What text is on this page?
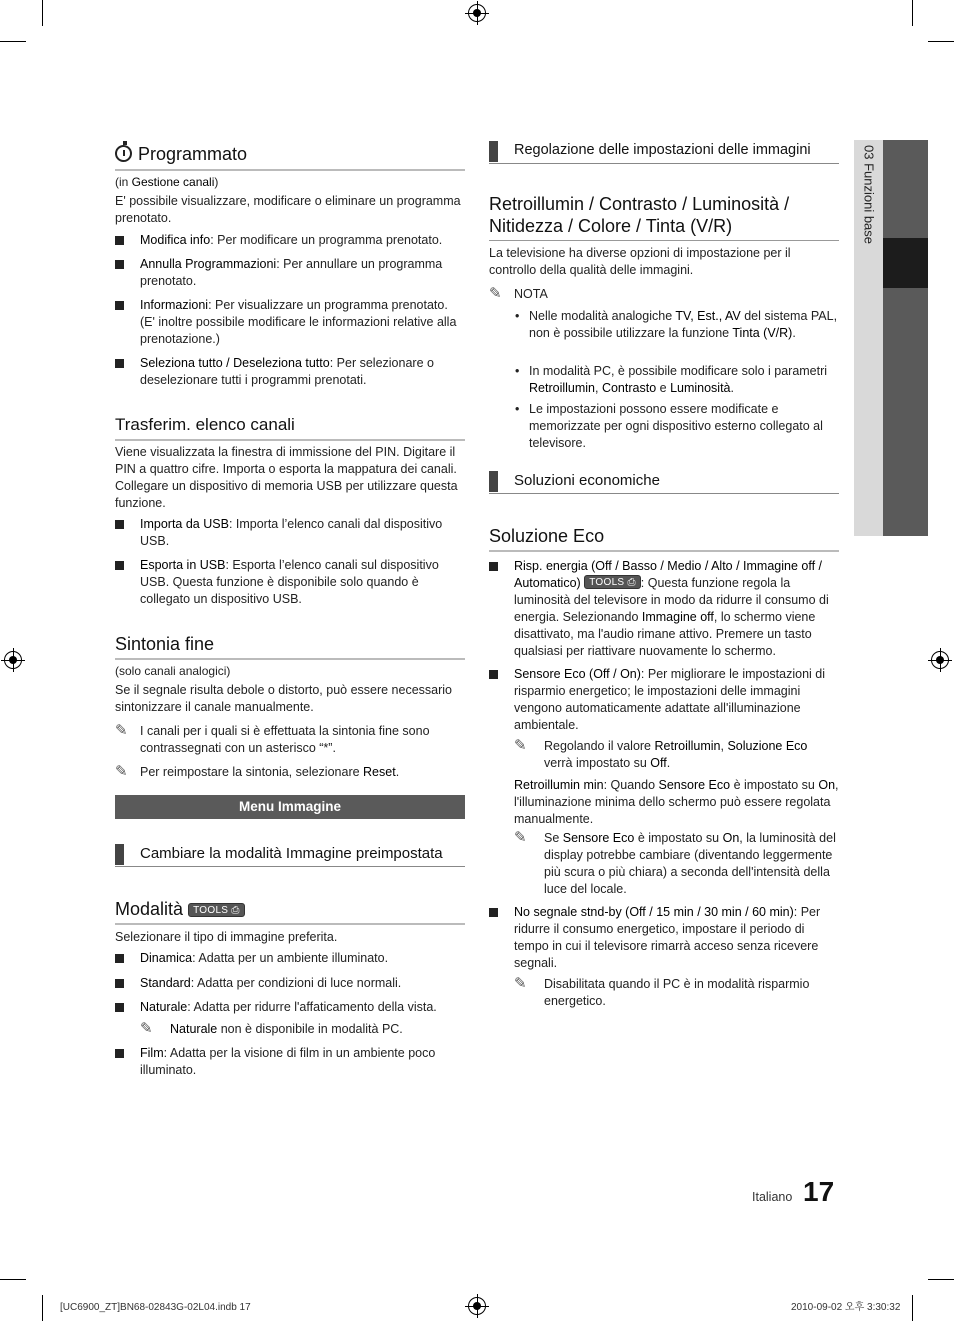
03 Funzioni base
Programmato
(in Gestione canali)
E' possibile visualizzare, modificare o eliminare un programma prenotato.
Modifica info: Per modificare un programma prenotato.
Annulla Programmazioni: Per annullare un programma prenotato.
Informazioni: Per visualizzare un programma prenotato. (E' inoltre possibile modificare le informazioni relative alla prenotazione.)
Seleziona tutto / Deseleziona tutto: Per selezionare o deselezionare tutti i programmi prenotati.
Trasferim. elenco canali
Viene visualizzata la finestra di immissione del PIN. Digitare il PIN a quattro cifre. Importa o esporta la mappatura dei canali. Collegare un dispositivo di memoria USB per utilizzare questa funzione.
Importa da USB: Importa l’elenco canali dal dispositivo USB.
Esporta in USB: Esporta l’elenco canali sul dispositivo USB. Questa funzione è disponibile solo quando è collegato un dispositivo USB.
Sintonia fine
(solo canali analogici)
Se il segnale risulta debole o distorto, può essere necessario sintonizzare il canale manualmente.
✎ I canali per i quali si è effettuata la sintonia fine sono contrassegnati con un asterisco “*”.
✎ Per reimpostare la sintonia, selezionare Reset.
Menu Immagine
Cambiare la modalità Immagine preimpostata
Modalità TOOLS ⎙
Selezionare il tipo di immagine preferita.
Dinamica: Adatta per un ambiente illuminato.
Standard: Adatta per condizioni di luce normali.
Naturale: Adatta per ridurre l'affaticamento della vista.
✎ Naturale non è disponibile in modalità PC.
Film: Adatta per la visione di film in un ambiente poco illuminato.
Regolazione delle impostazioni delle immagini
Retroillumin / Contrasto / Luminosità / Nitidezza / Colore / Tinta (V/R)
La televisione ha diverse opzioni di impostazione per il controllo della qualità delle immagini.
✎ NOTA
• Nelle modalità analogiche TV, Est., AV del sistema PAL, non è possibile utilizzare la funzione Tinta (V/R).
• In modalità PC, è possibile modificare solo i parametri Retroillumin, Contrasto e Luminosità.
• Le impostazioni possono essere modificate e memorizzate per ogni dispositivo esterno collegato al televisore.
Soluzioni economiche
Soluzione Eco
Risp. energia (Off / Basso / Medio / Alto / Immagine off / Automatico) TOOLS ⎙ : Questa funzione regola la luminosità del televisore in modo da ridurre il consumo di energia. Selezionando Immagine off, lo schermo viene disattivato, ma l'audio rimane attivo. Premere un tasto qualsiasi per riattivare nuovamente lo schermo.
Sensore Eco (Off / On): Per migliorare le impostazioni di risparmio energetico; le impostazioni delle immagini vengono automaticamente adattate all'illuminazione ambientale.
✎ Regolando il valore Retroillumin, Soluzione Eco verrà impostato su Off.
Retroillumin min: Quando Sensore Eco è impostato su On, l'illuminazione minima dello schermo può essere regolata manualmente.
✎ Se Sensore Eco è impostato su On, la luminosità del display potrebbe cambiare (diventando leggermente più scura o più chiara) a seconda dell'intensità della luce del locale.
No segnale stnd-by (Off / 15 min / 30 min / 60 min): Per ridurre il consumo energetico, impostare il periodo di tempo in cui il televisore rimarrà acceso senza ricevere segnali.
✎ Disabilitata quando il PC è in modalità risparmio energetico.
Italiano 17
[UC6900_ZT]BN68-02843G-02L04.indb 17	2010-09-02 오후 3:30:32
